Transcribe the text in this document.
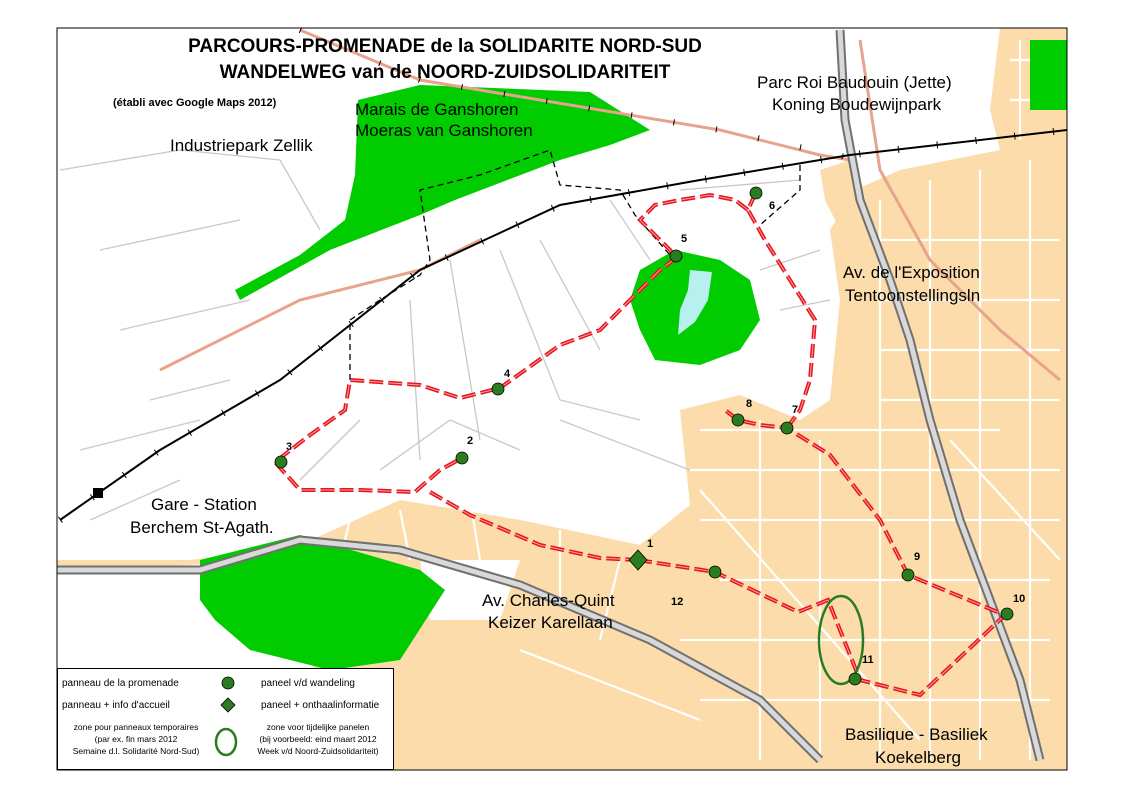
PARCOURS-PROMENADE de la SOLIDARITE NORD-SUD
WANDELWEG van de NOORD-ZUIDSOLIDARITEIT
(établi avec Google Maps 2012)
Industriepark Zellik
Marais de Ganshoren
Moeras van Ganshoren
Parc Roi Baudouin (Jette)
Koning Boudewijnpark
Av. de l'Exposition
Tentoonstellingsln
Gare - Station
Berchem St-Agath.
Av. Charles-Quint
Keizer Karellaan
Basilique - Basiliek
Koekelberg
1
2
3
4
5
6
7
8
9
10
11
12
panneau de la promenade	paneel v/d wandeling
panneau + info d'accueil	paneel + onthaalinformatie
zone pour panneaux temporaires
(par ex. fin mars 2012
Semaine d.l. Solidarité Nord-Sud)
zone voor tijdelijke panelen
(bij voorbeeld: eind maart 2012
Week v/d Noord-Zuidsolidariteit)
